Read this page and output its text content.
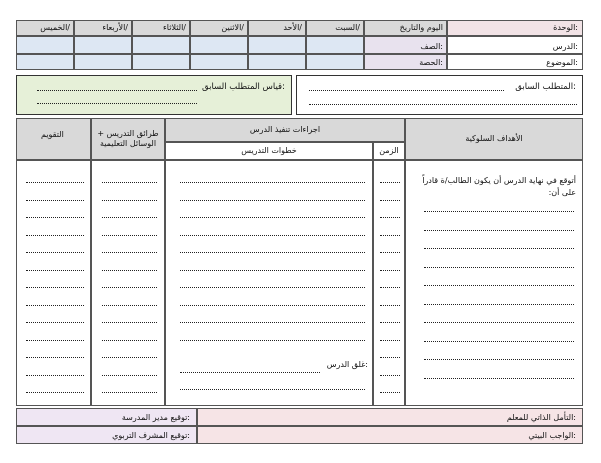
الوحدة:
الدرس:
الموضوع:
اليوم والتاريخ
الصف:
الحصة:
السبت/
الأحد/
الاثنين/
الثلاثاء/
الأربعاء/
الخميس/
المتطلب السابق:
قياس المتطلب السابق:
الأهداف السلوكية
اجراءات تنفيذ الدرس
الزمن
خطوات التدريس
طرائق التدريس + الوسائل التعليمية
التقويم
أتوقع في نهاية الدرس أن يكون الطالب/ة قادراً على أن:
غلق الدرس:
التأمل الذاتي للمعلم:
الواجب البيتي:
توقيع مدير المدرسة:
توقيع المشرف التربوي:
